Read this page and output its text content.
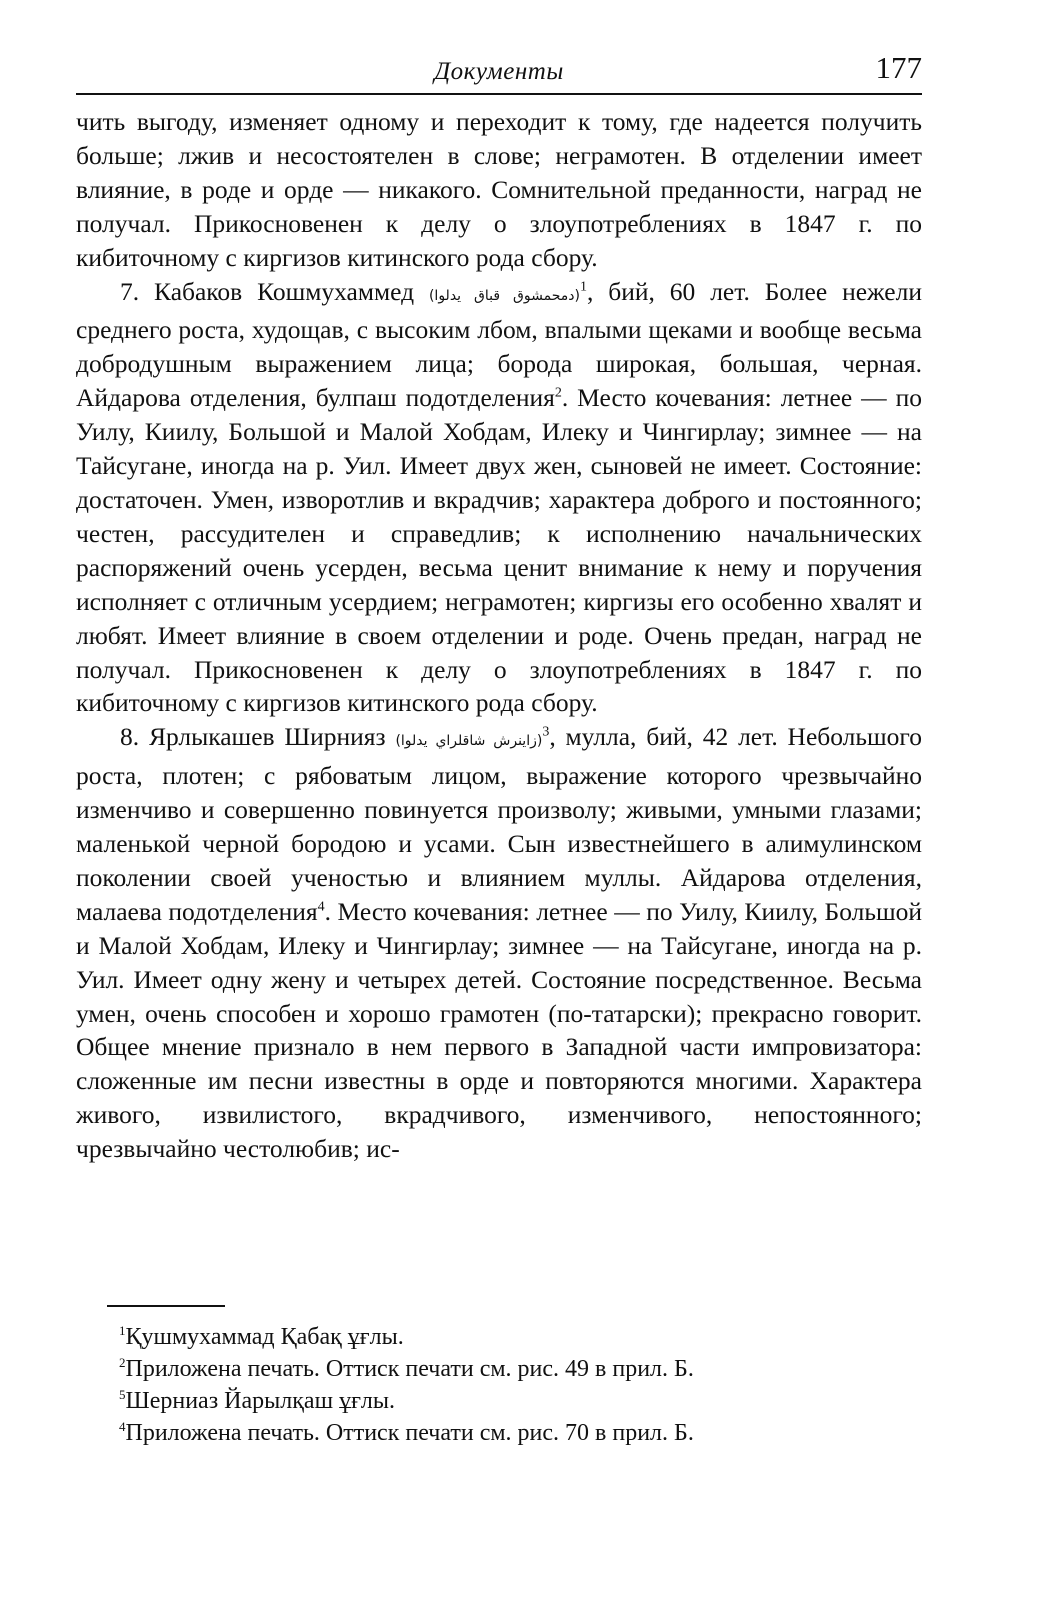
Документы	177

чить выгоду, изменяет одному и переходит к тому, где надеется получить больше; лжив и несостоятелен в слове; неграмотен. В отделении имеет влияние, в роде и орде — никакого. Сомнительной преданности, наград не получал. Прикосновенен к делу о злоупотреблениях в 1847 г. по кибиточному с киргизов китинского рода сбору.

7. Кабаков Кошмухаммед (دمحمشوق قباق یدلوا)$^1$, бий, 60 лет. Более нежели среднего роста, худощав, с высоким лбом, впалыми щеками и вообще весьма добродушным выражением лица; борода широкая, большая, черная. Айдарова отделения, булпаш подотделения$^2$. Место кочевания: летнее — по Уилу, Киилу, Большой и Малой Хобдам, Илеку и Чингирлау; зимнее — на Тайсугане, иногда на р. Уил. Имеет двух жен, сыновей не имеет. Состояние: достаточен. Умен, изворотлив и вкрадчив; характера доброго и постоянного; честен, рассудителен и справедлив; к исполнению начальнических распоряжений очень усерден, весьма ценит внимание к нему и поручения исполняет с отличным усердием; неграмотен; киргизы его особенно хвалят и любят. Имеет влияние в своем отделении и роде. Очень предан, наград не получал. Прикосновенен к делу о злоупотреблениях в 1847 г. по кибиточному с киргизов китинского рода сбору.

8. Ярлыкашев Ширнияз (زاینرش شاقلراي یدلوا)$^3$, мулла, бий, 42 лет. Небольшого роста, плотен; с рябоватым лицом, выражение которого чрезвычайно изменчиво и совершенно повинуется произволу; живыми, умными глазами; маленькой черной бородою и усами. Сын известнейшего в алимулинском поколении своей ученостью и влиянием муллы. Айдарова отделения, малаева подотделения$^4$. Место кочевания: летнее — по Уилу, Киилу, Большой и Малой Хобдам, Илеку и Чингирлау; зимнее — на Тайсугане, иногда на р. Уил. Имеет одну жену и четырех детей. Состояние посредственное. Весьма умен, очень способен и хорошо грамотен (по-татарски); прекрасно говорит. Общее мнение признало в нем первого в Западной части импровизатора: сложенные им песни известны в орде и повторяются многими. Характера живого, извилистого, вкрадчивого, изменчивого, непостоянного; чрезвычайно честолюбив; ис-

$^1$Қушмухаммад Қабақ ұғлы.

$^2$Приложена печать. Оттиск печати см. рис. 49 в прил. Б.

$^5$Шерниаз Йарылқаш ұғлы.

$^4$Приложена печать. Оттиск печати см. рис. 70 в прил. Б.
